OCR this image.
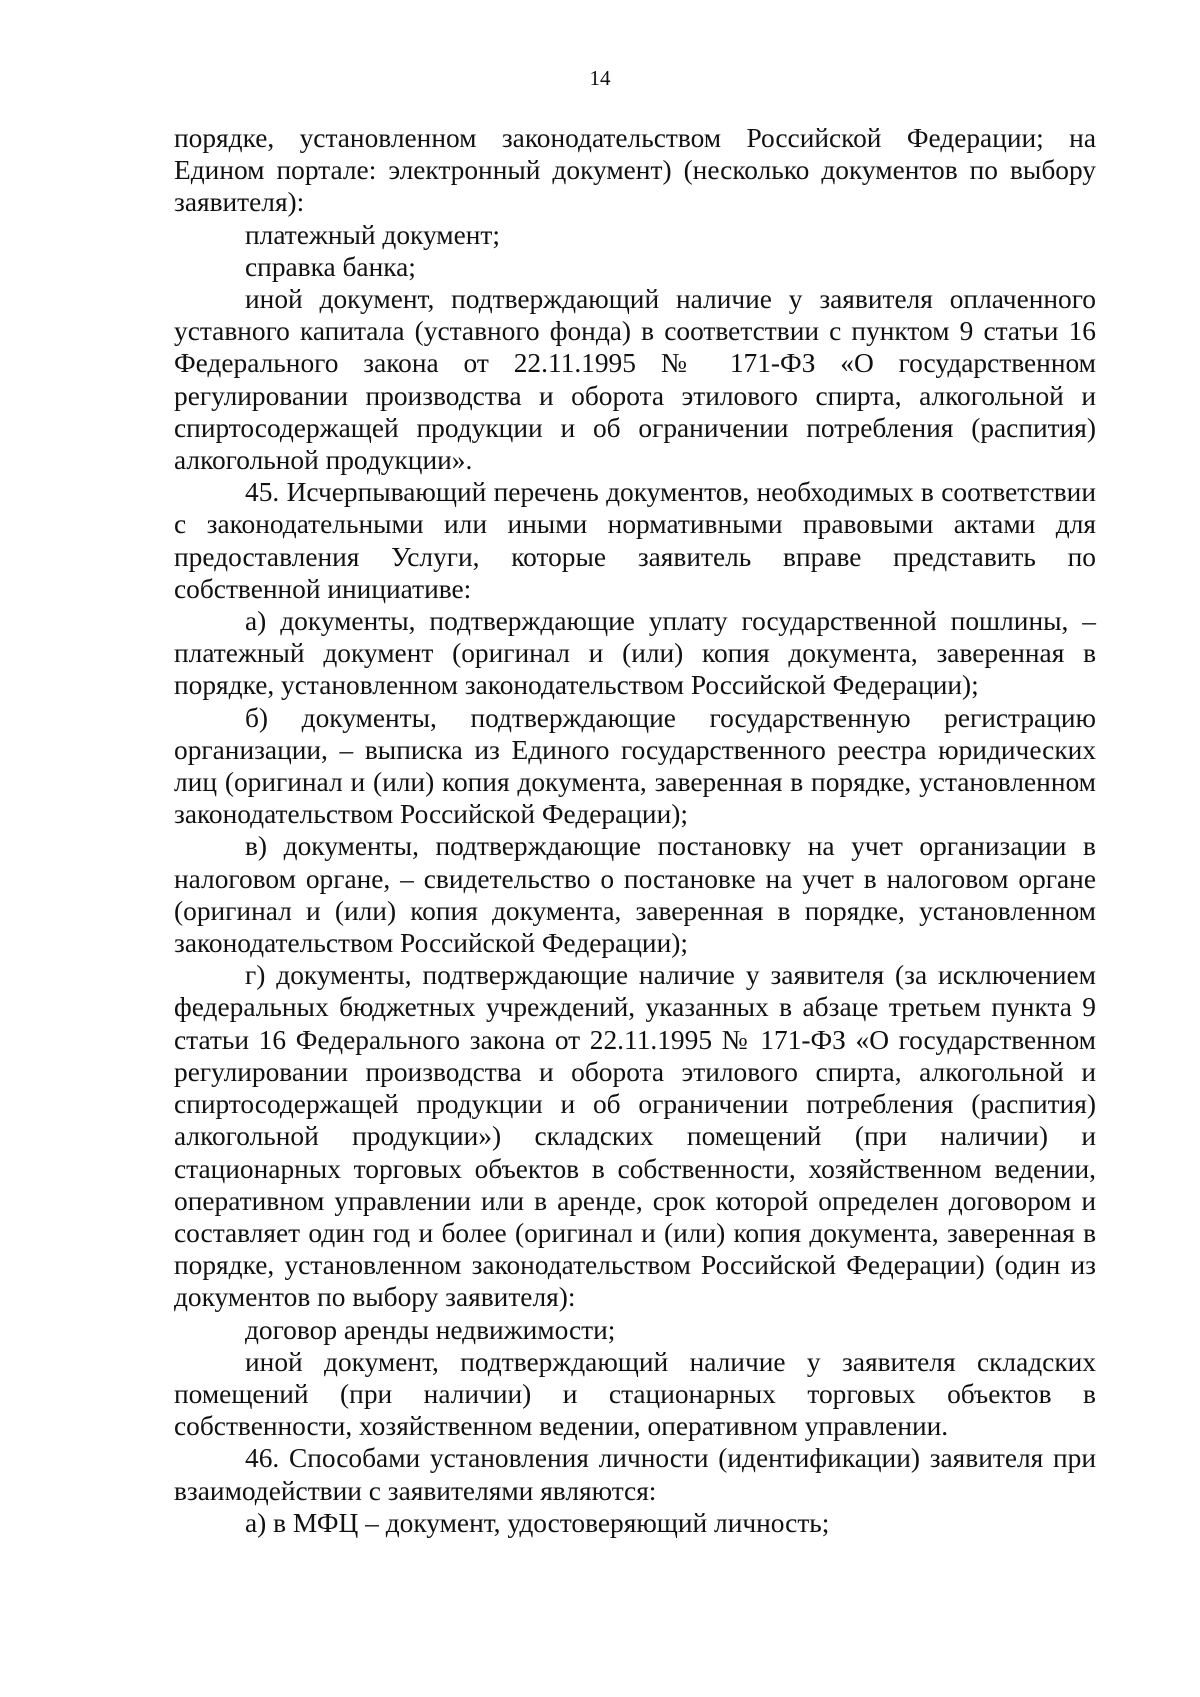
14

порядке, установленном законодательством Российской Федерации; на Едином портале: электронный документ) (несколько документов по выбору заявителя):

платежный документ;

справка банка;

иной документ, подтверждающий наличие у заявителя оплаченного уставного капитала (уставного фонда) в соответствии с пунктом 9 статьи 16 Федерального закона от 22.11.1995 № 171-ФЗ «О государственном регулировании производства и оборота этилового спирта, алкогольной и спиртосодержащей продукции и об ограничении потребления (распития) алкогольной продукции».

45. Исчерпывающий перечень документов, необходимых в соответствии с законодательными или иными нормативными правовыми актами для предоставления Услуги, которые заявитель вправе представить по собственной инициативе:

а) документы, подтверждающие уплату государственной пошлины, – платежный документ (оригинал и (или) копия документа, заверенная в порядке, установленном законодательством Российской Федерации);

б) документы, подтверждающие государственную регистрацию организации, – выписка из Единого государственного реестра юридических лиц (оригинал и (или) копия документа, заверенная в порядке, установленном законодательством Российской Федерации);

в) документы, подтверждающие постановку на учет организации в налоговом органе, – свидетельство о постановке на учет в налоговом органе (оригинал и (или) копия документа, заверенная в порядке, установленном законодательством Российской Федерации);

г) документы, подтверждающие наличие у заявителя (за исключением федеральных бюджетных учреждений, указанных в абзаце третьем пункта 9 статьи 16 Федерального закона от 22.11.1995 № 171-ФЗ «О государственном регулировании производства и оборота этилового спирта, алкогольной и спиртосодержащей продукции и об ограничении потребления (распития) алкогольной продукции») складских помещений (при наличии) и стационарных торговых объектов в собственности, хозяйственном ведении, оперативном управлении или в аренде, срок которой определен договором и составляет один год и более (оригинал и (или) копия документа, заверенная в порядке, установленном законодательством Российской Федерации) (один из документов по выбору заявителя):

договор аренды недвижимости;

иной документ, подтверждающий наличие у заявителя складских помещений (при наличии) и стационарных торговых объектов в собственности, хозяйственном ведении, оперативном управлении.

46. Способами установления личности (идентификации) заявителя при взаимодействии с заявителями являются:

а) в МФЦ – документ, удостоверяющий личность;
